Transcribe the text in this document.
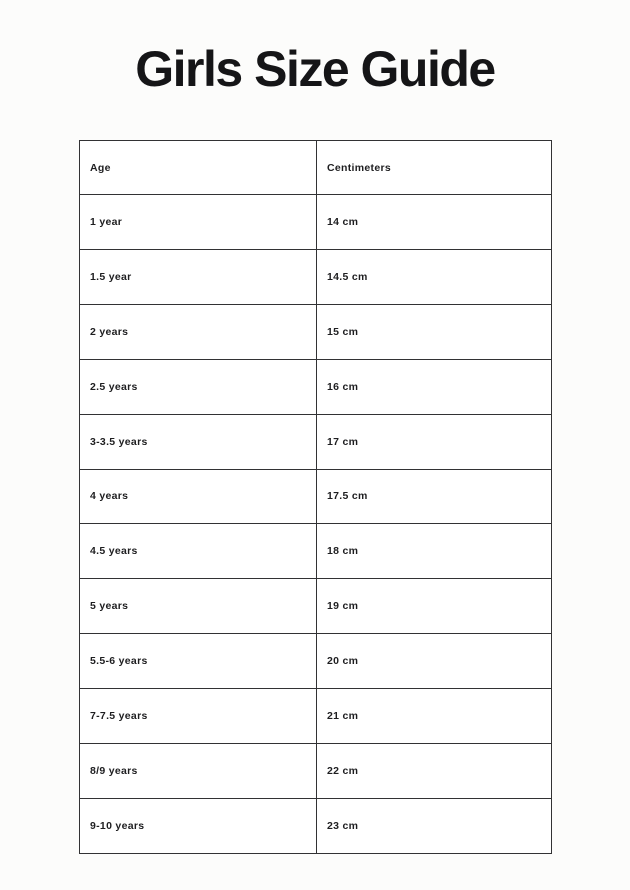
Girls Size Guide
Age	Centimeters
1 year	14 cm
1.5 year	14.5 cm
2 years	15 cm
2.5 years	16 cm
3-3.5 years	17 cm
4 years	17.5 cm
4.5 years	18 cm
5 years	19 cm
5.5-6 years	20 cm
7-7.5 years	21 cm
8/9 years	22 cm
9-10 years	23 cm
